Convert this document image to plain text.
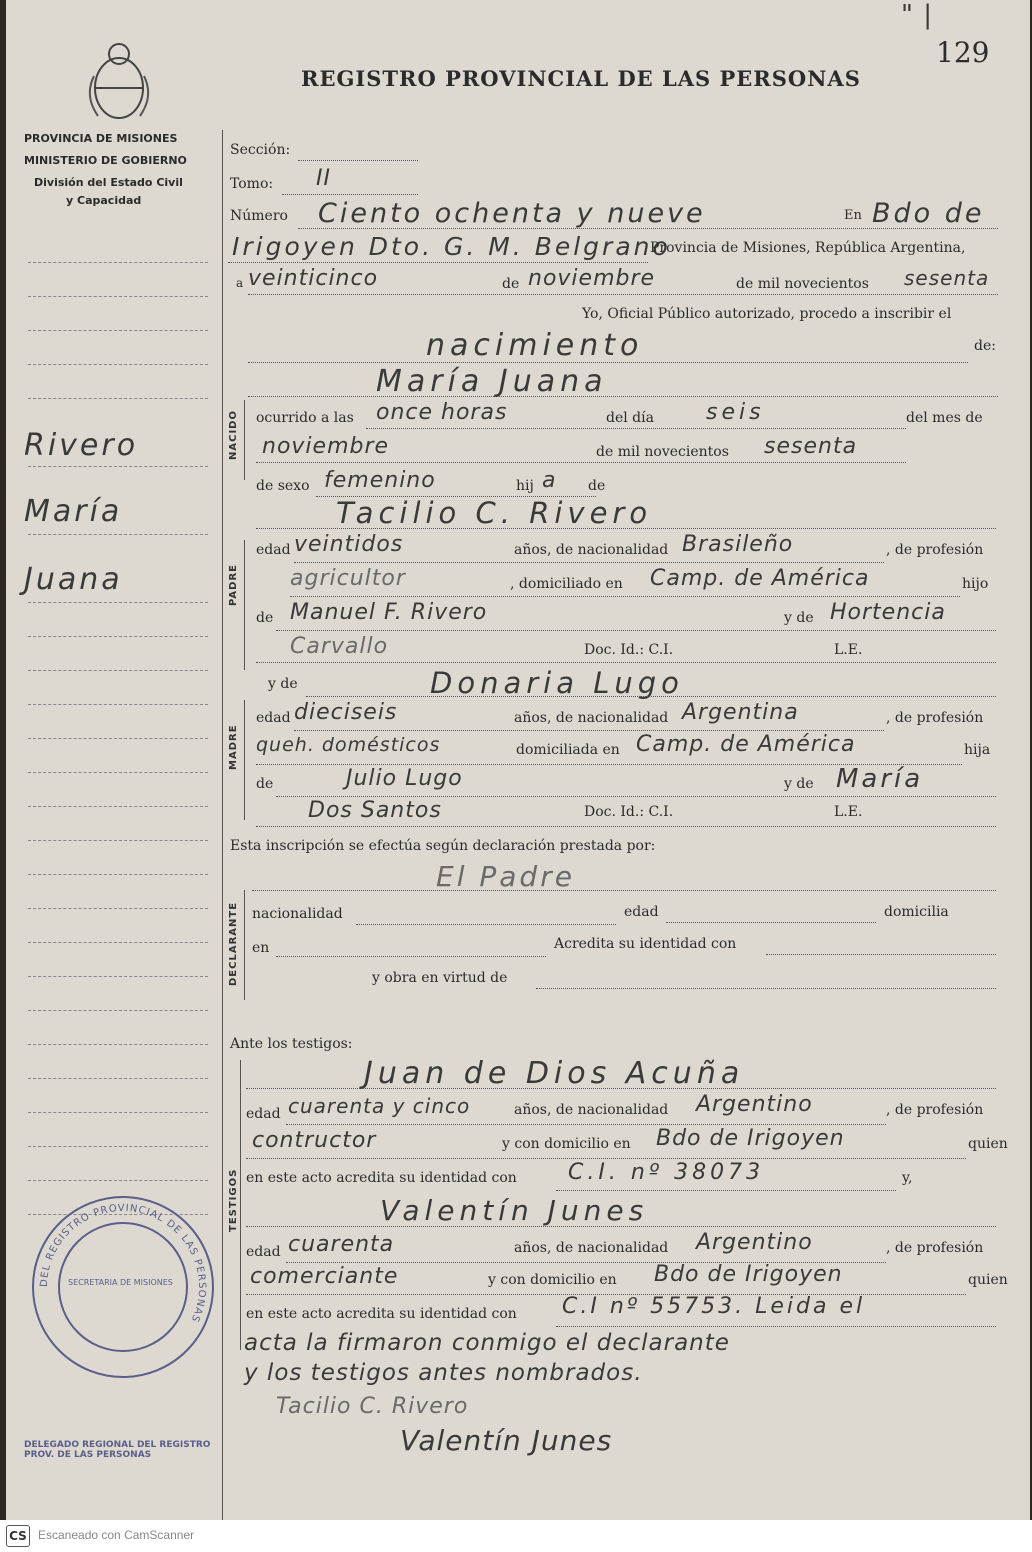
PROVINCIA DE MISIONES
MINISTERIO DE GOBIERNO
División del Estado Civil
y Capacidad
REGISTRO PROVINCIAL DE LAS PERSONAS
" |
129
Rivero
María
Juana
NACIDO
PADRE
MADRE
DECLARANTE
TESTIGOS
Sección:
Tomo: II
Número Ciento ochenta y nueve	En Bdo de
Irigoyen Dto. G. M. Belgrano
Provincia de Misiones, República Argentina,
a veinticinco	de noviembre	de mil novecientos sesenta
Yo, Oficial Público autorizado, procedo a inscribir el
nacimiento	de:
María Juana
ocurrido a las once horas	del día seis	del mes de
noviembre	de mil novecientos sesenta
de sexo femenino	hij a de
Tacilio C. Rivero
edad veintidos	años, de nacionalidad Brasileño	, de profesión
agricultor	, domiciliado en Camp. de América	hijo
de Manuel F. Rivero	y de Hortencia
Carvallo	Doc. Id.: C.I.	L.E.
y de	Donaria Lugo
edad dieciseis	años, de nacionalidad Argentina	, de profesión
queh. domésticos	domiciliada en Camp. de América	hija
de	Julio Lugo	y de María
Dos Santos	Doc. Id.: C.I.	L.E.
Esta inscripción se efectúa según declaración prestada por:
El Padre
nacionalidad	edad	domicilia
en	Acredita su identidad con
y obra en virtud de
Ante los testigos:
Juan de Dios Acuña
edad cuarenta y cinco	años, de nacionalidad Argentino	, de profesión
contructor	y con domicilio en Bdo de Irigoyen	quien
en este acto acredita su identidad con C.I. nº 38073	y,
Valentín Junes
edad cuarenta	años, de nacionalidad Argentino	, de profesión
comerciante	y con domicilio en Bdo de Irigoyen	quien
en este acto acredita su identidad con C.I nº 55753. Leida el
acta la firmaron conmigo el declarante
y los testigos antes nombrados.
Tacilio C. Rivero
Valentín Junes
DEL REGISTRO PROVINCIAL DE LAS PERSONAS
SECRETARIA DE MISIONES
DELEGADO REGIONAL DEL REGISTRO PROV. DE LAS PERSONAS
CS Escaneado con CamScanner
